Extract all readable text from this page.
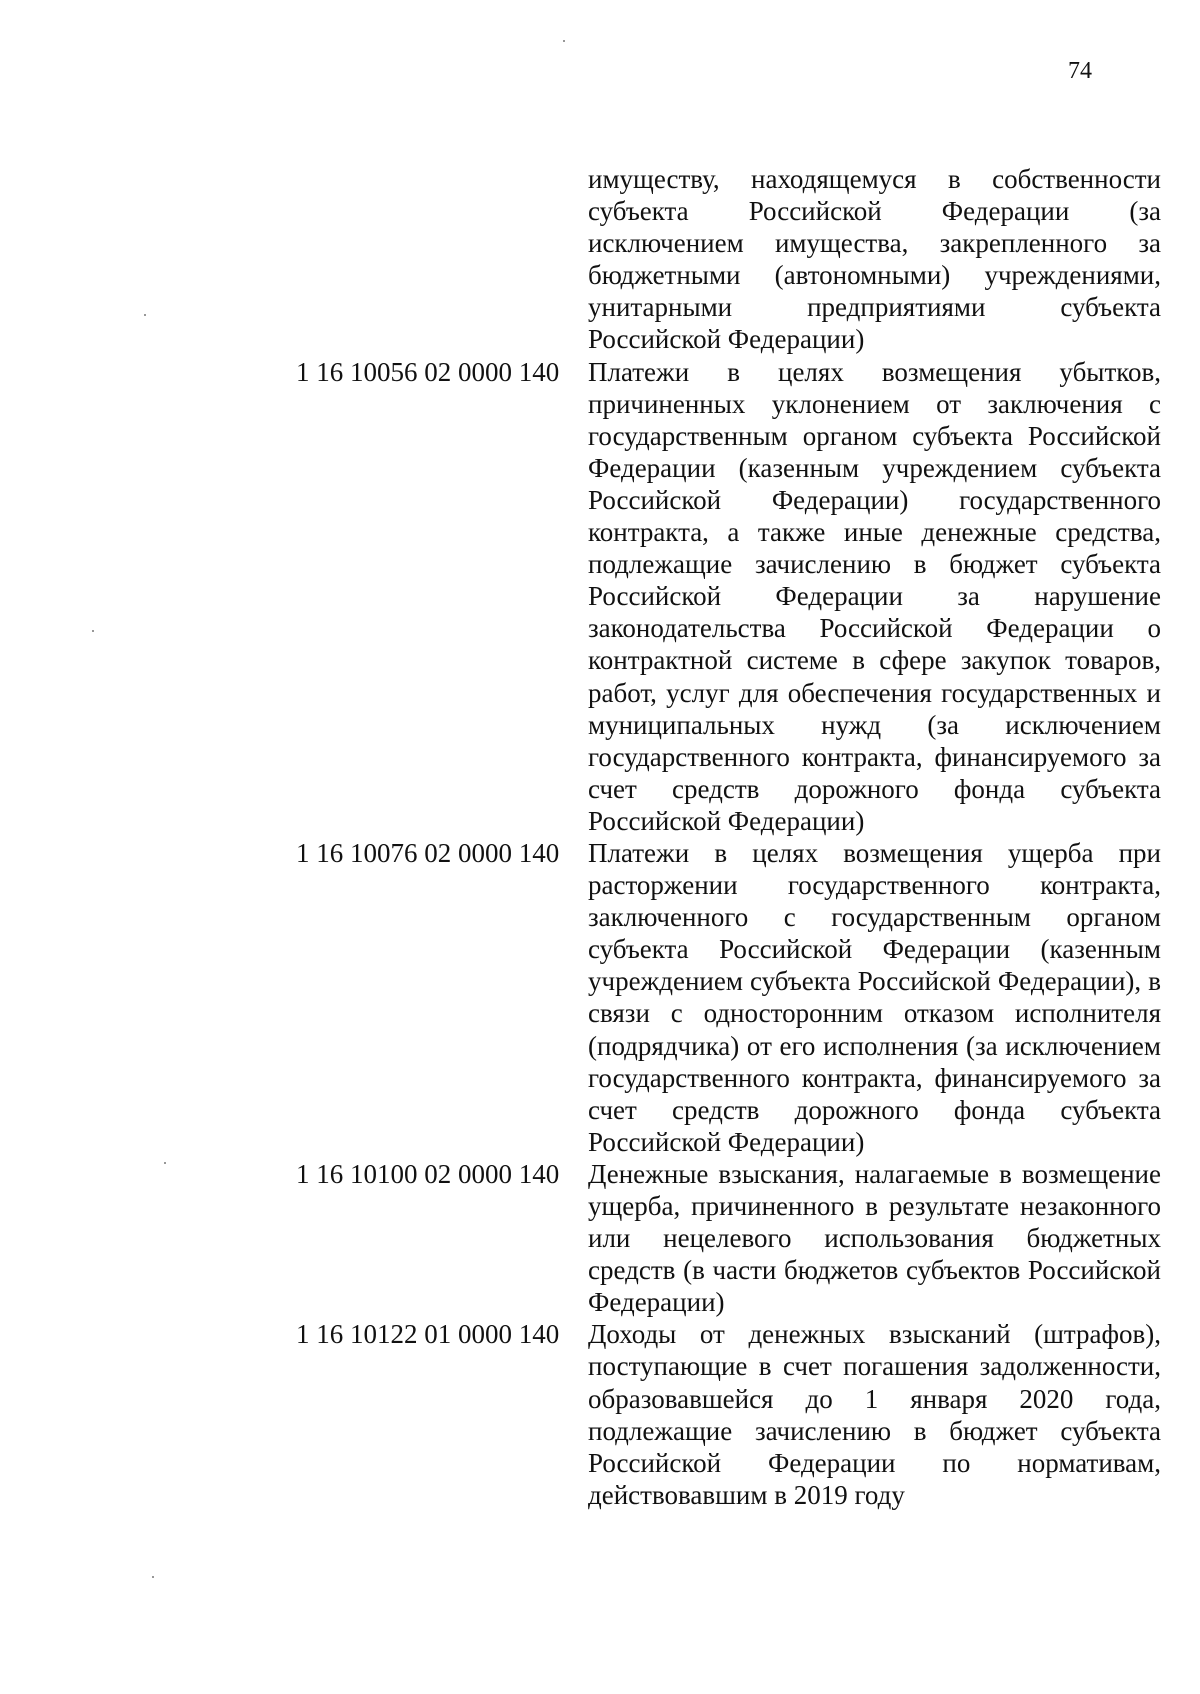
74
имуществу, находящемуся в собственности субъекта Российской Федерации (за исключением имущества, закрепленного за бюджетными (автономными) учреждениями, унитарными предприятиями субъекта Российской Федерации)
1 16 10056 02 0000 140	Платежи в целях возмещения убытков, причиненных уклонением от заключения с государственным органом субъекта Российской Федерации (казенным учреждением субъекта Российской Федерации) государственного контракта, а также иные денежные средства, подлежащие зачислению в бюджет субъекта Российской Федерации за нарушение законодательства Российской Федерации о контрактной системе в сфере закупок товаров, работ, услуг для обеспечения государственных и муниципальных нужд (за исключением государственного контракта, финансируемого за счет средств дорожного фонда субъекта Российской Федерации)
1 16 10076 02 0000 140	Платежи в целях возмещения ущерба при расторжении государственного контракта, заключенного с государственным органом субъекта Российской Федерации (казенным учреждением субъекта Российской Федерации), в связи с односторонним отказом исполнителя (подрядчика) от его исполнения (за исключением государственного контракта, финансируемого за счет средств дорожного фонда субъекта Российской Федерации)
1 16 10100 02 0000 140	Денежные взыскания, налагаемые в возмещение ущерба, причиненного в результате незаконного или нецелевого использования бюджетных средств (в части бюджетов субъектов Российской Федерации)
1 16 10122 01 0000 140	Доходы от денежных взысканий (штрафов), поступающие в счет погашения задолженности, образовавшейся до 1 января 2020 года, подлежащие зачислению в бюджет субъекта Российской Федерации по нормативам, действовавшим в 2019 году
